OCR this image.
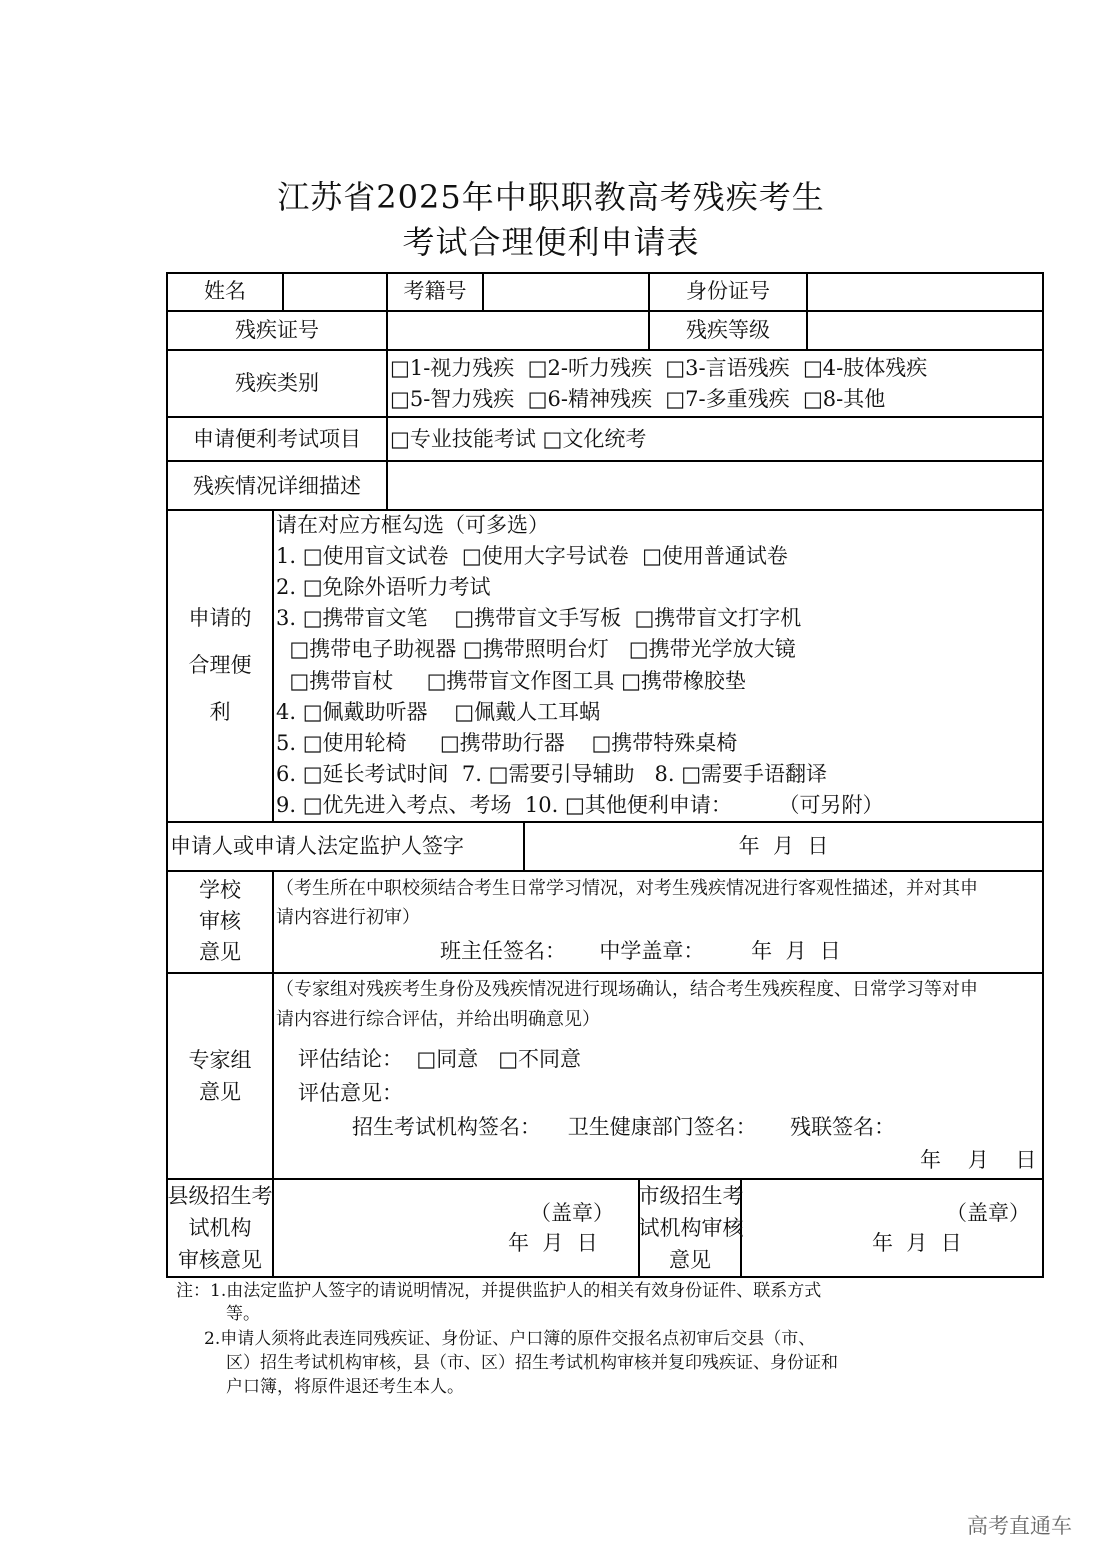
江苏省2025年中职职教高考残疾考生
考试合理便利申请表
姓名	考籍号	身份证号
残疾证号	残疾等级
残疾类别
□1-视力残疾  □2-听力残疾  □3-言语残疾  □4-肢体残疾
□5-智力残疾  □6-精神残疾  □7-多重残疾  □8-其他
申请便利考试项目	□专业技能考试 □文化统考
残疾情况详细描述
申请的
合理便
利
请在对应方框勾选（可多选）
1. □使用盲文试卷  □使用大字号试卷  □使用普通试卷
2. □免除外语听力考试
3. □携带盲文笔    □携带盲文手写板  □携带盲文打字机
□携带电子助视器 □携带照明台灯   □携带光学放大镜
□携带盲杖     □携带盲文作图工具 □携带橡胶垫
4. □佩戴助听器    □佩戴人工耳蜗
5. □使用轮椅     □携带助行器    □携带特殊桌椅
6. □延长考试时间  7. □需要引导辅助   8. □需要手语翻译
9. □优先进入考点、考场  10. □其他便利申请：       （可另附）
申请人或申请人法定监护人签字	年  月  日
学校
审核
意见
（考生所在中职校须结合考生日常学习情况，对考生残疾情况进行客观性描述，并对其申
请内容进行初审）
班主任签名：     中学盖章：       年  月  日
专家组
意见
（专家组对残疾考生身份及残疾情况进行现场确认，结合考生残疾程度、日常学习等对申
请内容进行综合评估，并给出明确意见）
评估结论：  □同意   □不同意
评估意见：
招生考试机构签名：    卫生健康部门签名：     残联签名：
年    月    日
县级招生考
试机构
审核意见
（盖章）
年  月  日
市级招生考
试机构审核
意见
（盖章）
年  月  日
注：1.由法定监护人签字的请说明情况，并提供监护人的相关有效身份证件、联系方式
等。
2.申请人须将此表连同残疾证、身份证、户口簿的原件交报名点初审后交县（市、
区）招生考试机构审核，县（市、区）招生考试机构审核并复印残疾证、身份证和
户口簿，将原件退还考生本人。
高考直通车
